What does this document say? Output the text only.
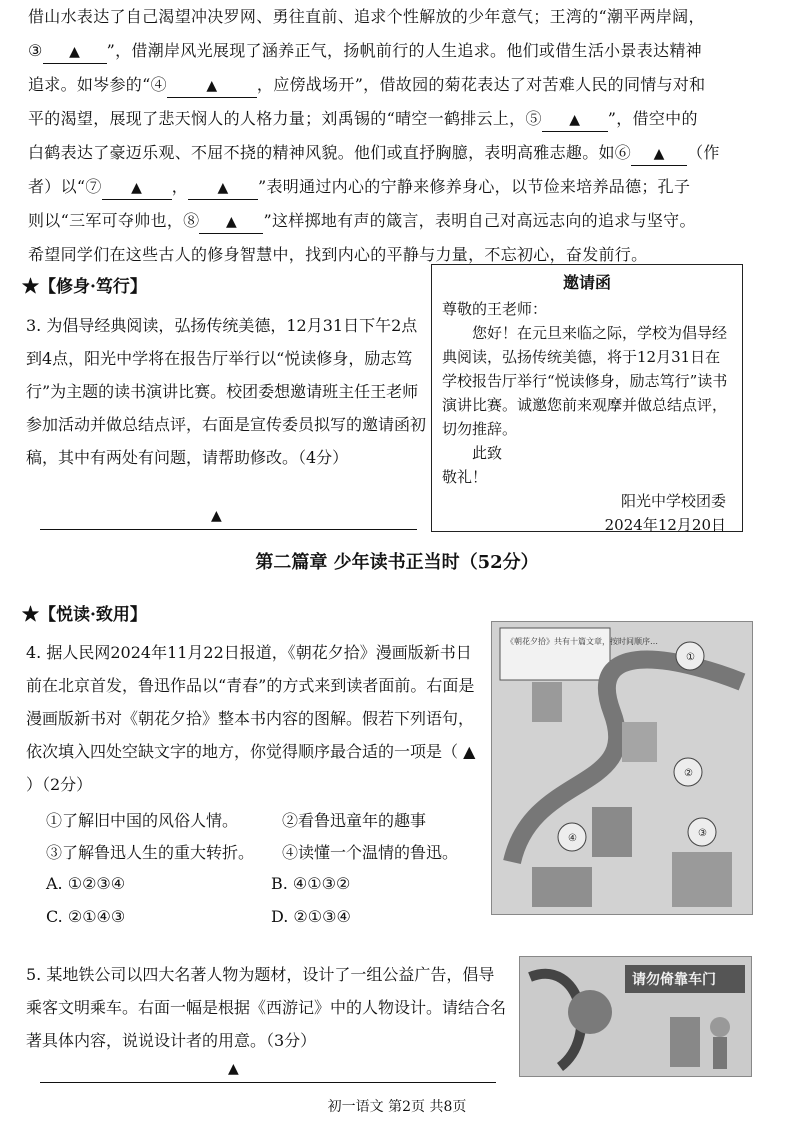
借山水表达了自己渴望冲决罗网、勇往直前、追求个性解放的少年意气；王湾的“潮平两岸阔，
③ ▲ ”，借潮岸风光展现了涵养正气，扬帆前行的人生追求。他们或借生活小景表达精神
追求。如岑参的“④	▲ ，应傍战场开”，借故园的菊花表达了对苦难人民的同情与对和
平的渴望，展现了悲天悯人的人格力量；刘禹锡的“晴空一鹤排云上，⑤ ▲ ”，借空中的
白鹤表达了豪迈乐观、不屈不挠的精神风貌。他们或直抒胸臆，表明高雅志趣。如⑥ ▲ （作
者）以“⑦ ▲ ， ▲ ”表明通过内心的宁静来修养身心，以节俭来培养品德；孔子
则以“三军可夺帅也，⑧ ▲ ”这样掷地有声的箴言，表明自己对高远志向的追求与坚守。
希望同学们在这些古人的修身智慧中，找到内心的平静与力量，不忘初心，奋发前行。
★【修身·笃行】
3. 为倡导经典阅读，弘扬传统美德，12月31日下午2点到4点，阳光中学将在报告厅举行以“悦读修身，励志笃行”为主题的读书演讲比赛。校团委想邀请班主任王老师参加活动并做总结点评，右面是宣传委员拟写的邀请函初稿，其中有两处有问题，请帮助修改。（4分）
▲
邀请函
尊敬的王老师：
您好！在元旦来临之际，学校为倡导经典阅读，弘扬传统美德，将于12月31日在学校报告厅举行“悦读修身，励志笃行”读书演讲比赛。诚邀您前来观摩并做总结点评，切勿推辞。
此致
敬礼！
阳光中学校团委
2024年12月20日
第二篇章 少年读书正当时（52分）
★【悦读·致用】
4. 据人民网2024年11月22日报道，《朝花夕拾》漫画版新书日前在北京首发，鲁迅作品以“青春”的方式来到读者面前。右面是漫画版新书对《朝花夕拾》整本书内容的图解。假若下列语句，依次填入四处空缺文字的地方，你觉得顺序最合适的一项是（ ▲ ）（2分）
①了解旧中国的风俗人情。	②看鲁迅童年的趣事
③了解鲁迅人生的重大转折。 ④读懂一个温情的鲁迅。
A. ①②③④	B. ④①③②
C. ②①④③	D. ②①③④
《朝花夕拾》共有十篇文章，按时间顺序…
①
②
③
④
5. 某地铁公司以四大名著人物为题材，设计了一组公益广告，倡导乘客文明乘车。右面一幅是根据《西游记》中的人物设计。请结合名著具体内容，说说设计者的用意。（3分）
▲
请勿倚靠车门
初一语文 第2页 共8页
